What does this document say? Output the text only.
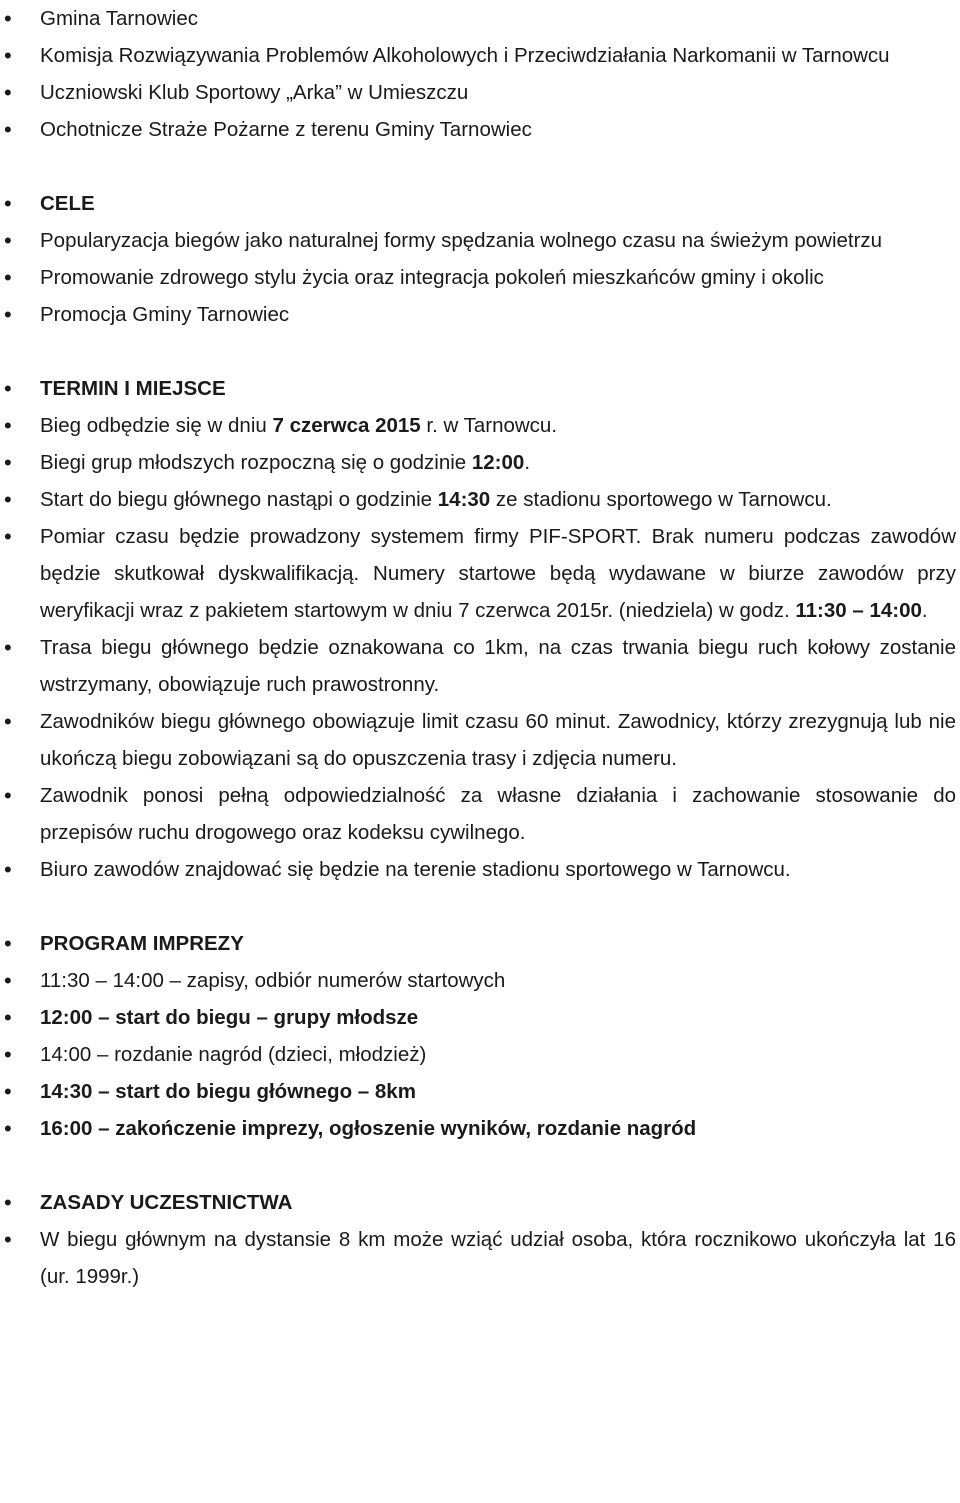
• Gmina Tarnowiec
• Komisja Rozwiązywania Problemów Alkoholowych i Przeciwdziałania Narkomanii w Tarnowcu
• Uczniowski Klub Sportowy „Arka” w Umieszczu
• Ochotnicze Straże Pożarne z terenu Gminy Tarnowiec
• CELE
• Popularyzacja biegów jako naturalnej formy spędzania wolnego czasu na świeżym powietrzu
• Promowanie zdrowego stylu życia oraz integracja pokoleń mieszkańców gminy i okolic
• Promocja Gminy Tarnowiec
• TERMIN I MIEJSCE
• Bieg odbędzie się w dniu 7 czerwca 2015 r. w Tarnowcu.
• Biegi grup młodszych rozpoczną się o godzinie 12:00.
• Start do biegu głównego nastąpi o godzinie 14:30 ze stadionu sportowego w Tarnowcu.
• Pomiar czasu będzie prowadzony systemem firmy PIF-SPORT. Brak numeru podczas zawodów będzie skutkował dyskwalifikacją. Numery startowe będą wydawane w biurze zawodów przy weryfikacji wraz z pakietem startowym w dniu 7 czerwca 2015r. (niedziela) w godz. 11:30 – 14:00.
• Trasa biegu głównego będzie oznakowana co 1km, na czas trwania biegu ruch kołowy zostanie wstrzymany, obowiązuje ruch prawostronny.
• Zawodników biegu głównego obowiązuje limit czasu 60 minut. Zawodnicy, którzy zrezygnują lub nie ukończą biegu zobowiązani są do opuszczenia trasy i zdjęcia numeru.
• Zawodnik ponosi pełną odpowiedzialność za własne działania i zachowanie stosowanie do przepisów ruchu drogowego oraz kodeksu cywilnego.
• Biuro zawodów znajdować się będzie na terenie stadionu sportowego w Tarnowcu.
• PROGRAM IMPREZY
• 11:30 – 14:00 – zapisy, odbiór numerów startowych
• 12:00 – start do biegu – grupy młodsze
• 14:00 – rozdanie nagród (dzieci, młodzież)
• 14:30 – start do biegu głównego – 8km
• 16:00 – zakończenie imprezy, ogłoszenie wyników, rozdanie nagród
• ZASADY UCZESTNICTWA
• W biegu głównym na dystansie 8 km może wziąć udział osoba, która rocznikowo ukończyła lat 16 (ur. 1999r.)
